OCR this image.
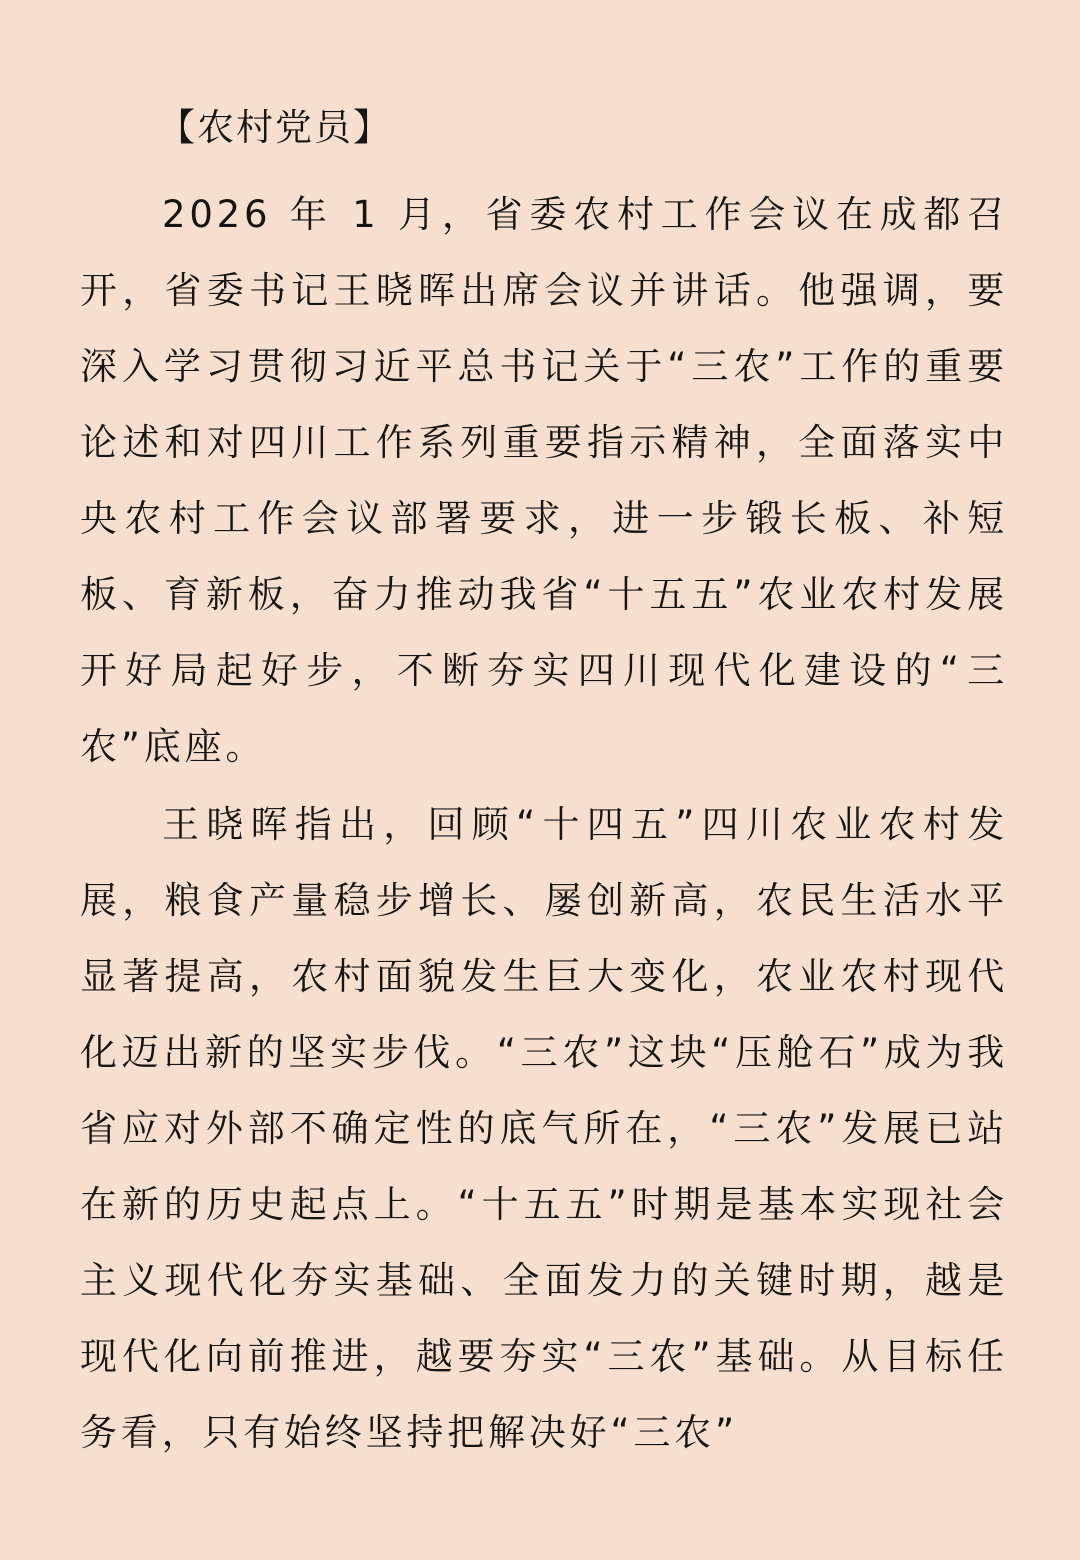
【农村党员】

2026 年 1 月，省委农村工作会议在成都召开，省委书记王晓晖出席会议并讲话。他强调，要深入学习贯彻习近平总书记关于“三农”工作的重要论述和对四川工作系列重要指示精神，全面落实中央农村工作会议部署要求，进一步锻长板、补短板、育新板，奋力推动我省“十五五”农业农村发展开好局起好步，不断夯实四川现代化建设的“三农”底座。

王晓晖指出，回顾“十四五”四川农业农村发展，粮食产量稳步增长、屡创新高，农民生活水平显著提高，农村面貌发生巨大变化，农业农村现代化迈出新的坚实步伐。“三农”这块“压舱石”成为我省应对外部不确定性的底气所在，“三农”发展已站在新的历史起点上。“十五五”时期是基本实现社会主义现代化夯实基础、全面发力的关键时期，越是现代化向前推进，越要夯实“三农”基础。从目标任务看，只有始终坚持把解决好“三农”
